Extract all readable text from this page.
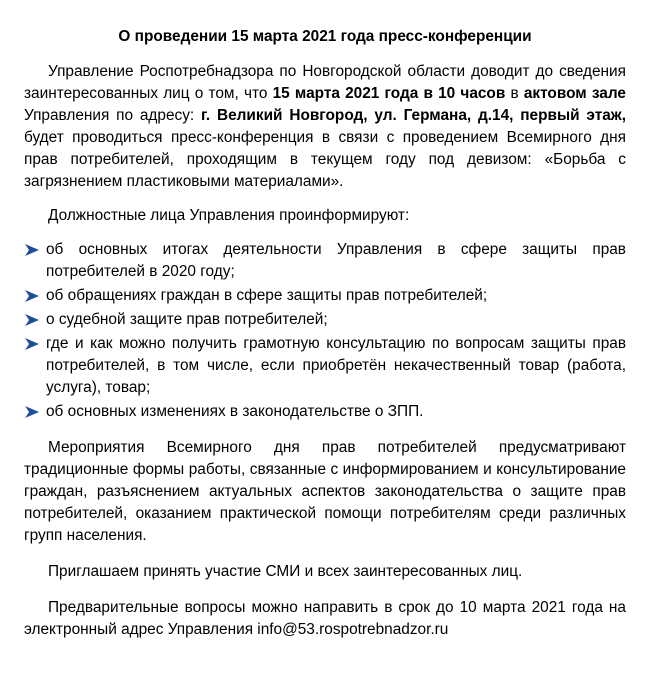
О проведении 15 марта 2021 года пресс-конференции

Управление Роспотребнадзора по Новгородской области доводит до сведения заинтересованных лиц о том, что 15 марта 2021 года в 10 часов в актовом зале Управления по адресу: г. Великий Новгород, ул. Германа, д.14, первый этаж, будет проводиться пресс-конференция в связи с проведением Всемирного дня прав потребителей, проходящим в текущем году под девизом: «Борьба с загрязнением пластиковыми материалами».

Должностные лица Управления проинформируют:

об основных итогах деятельности Управления в сфере защиты прав потребителей в 2020 году;
об обращениях граждан в сфере защиты прав потребителей;
о судебной защите прав потребителей;
где и как можно получить грамотную консультацию по вопросам защиты прав потребителей, в том числе, если приобретён некачественный товар (работа, услуга), товар;
об основных изменениях в законодательстве о ЗПП.

Мероприятия Всемирного дня прав потребителей предусматривают традиционные формы работы, связанные с информированием и консультирование граждан, разъяснением актуальных аспектов законодательства о защите прав потребителей, оказанием практической помощи потребителям среди различных групп населения.

Приглашаем принять участие СМИ и всех заинтересованных лиц.

Предварительные вопросы можно направить в срок до 10 марта 2021 года на электронный адрес Управления info@53.rospotrebnadzor.ru
